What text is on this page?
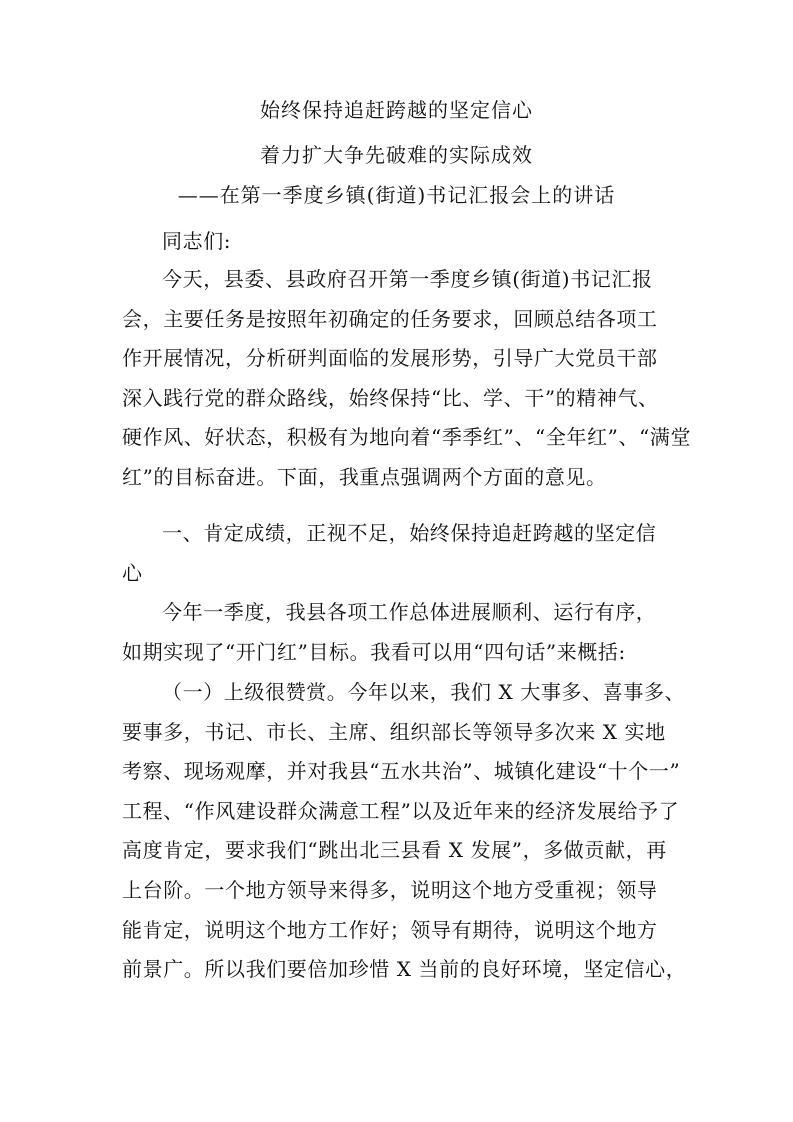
始终保持追赶跨越的坚定信心
着力扩大争先破难的实际成效
——在第一季度乡镇(街道)书记汇报会上的讲话
同志们:
今天，县委、县政府召开第一季度乡镇(街道)书记汇报
会，主要任务是按照年初确定的任务要求，回顾总结各项工
作开展情况，分析研判面临的发展形势，引导广大党员干部
深入践行党的群众路线，始终保持“比、学、干”的精神气、
硬作风、好状态，积极有为地向着“季季红”、“全年红”、“满堂
红”的目标奋进。下面，我重点强调两个方面的意见。
一、肯定成绩，正视不足，始终保持追赶跨越的坚定信
心
今年一季度，我县各项工作总体进展顺利、运行有序，
如期实现了“开门红”目标。我看可以用“四句话”来概括:
（一）上级很赞赏。今年以来，我们 X 大事多、喜事多、
要事多，书记、市长、主席、组织部长等领导多次来 X 实地
考察、现场观摩，并对我县“五水共治”、城镇化建设“十个一”
工程、“作风建设群众满意工程”以及近年来的经济发展给予了
高度肯定，要求我们“跳出北三县看 X 发展”，多做贡献，再
上台阶。一个地方领导来得多，说明这个地方受重视；领导
能肯定，说明这个地方工作好；领导有期待，说明这个地方
前景广。所以我们要倍加珍惜 X 当前的良好环境，坚定信心，
